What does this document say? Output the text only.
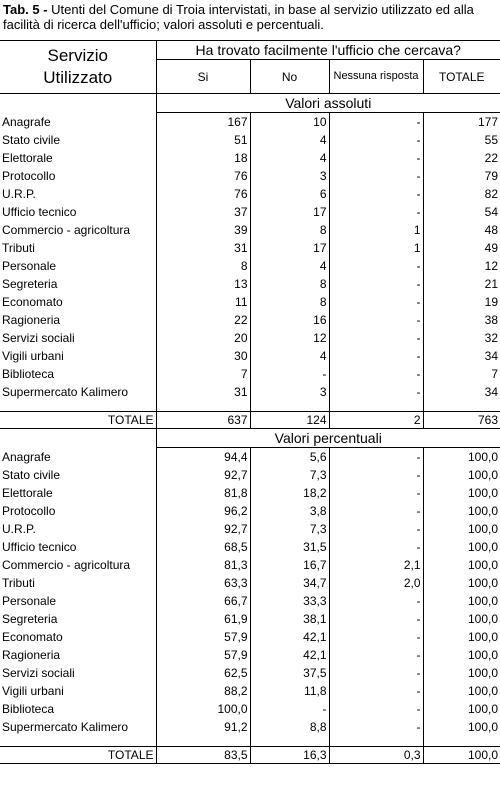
Tab. 5 - Utenti del Comune di Troia intervistati, in base al servizio utilizzato ed alla facilità di ricerca dell'ufficio; valori assoluti e percentuali.
Servizio
Utilizzato	Ha trovato facilmente l'ufficio che cercava?			
	Si	No	Nessuna risposta	TOTALE
	Valori assoluti			
Anagrafe	167	10	-	177
Stato civile	51	4	-	55
Elettorale	18	4	-	22
Protocollo	76	3	-	79
U.R.P.	76	6	-	82
Ufficio tecnico	37	17	-	54
Commercio - agricoltura	39	8	1	48
Tributi	31	17	1	49
Personale	8	4	-	12
Segreteria	13	8	-	21
Economato	11	8	-	19
Ragioneria	22	16	-	38
Servizi sociali	20	12	-	32
Vigili urbani	30	4	-	34
Biblioteca	7	-	-	7
Supermercato Kalimero	31	3	-	34

TOTALE	637	124	2	763
	Valori percentuali			
Anagrafe	94,4	5,6	-	100,0
Stato civile	92,7	7,3	-	100,0
Elettorale	81,8	18,2	-	100,0
Protocollo	96,2	3,8	-	100,0
U.R.P.	92,7	7,3	-	100,0
Ufficio tecnico	68,5	31,5	-	100,0
Commercio - agricoltura	81,3	16,7	2,1	100,0
Tributi	63,3	34,7	2,0	100,0
Personale	66,7	33,3	-	100,0
Segreteria	61,9	38,1	-	100,0
Economato	57,9	42,1	-	100,0
Ragioneria	57,9	42,1	-	100,0
Servizi sociali	62,5	37,5	-	100,0
Vigili urbani	88,2	11,8	-	100,0
Biblioteca	100,0	-	-	100,0
Supermercato Kalimero	91,2	8,8	-	100,0

TOTALE	83,5	16,3	0,3	100,0
